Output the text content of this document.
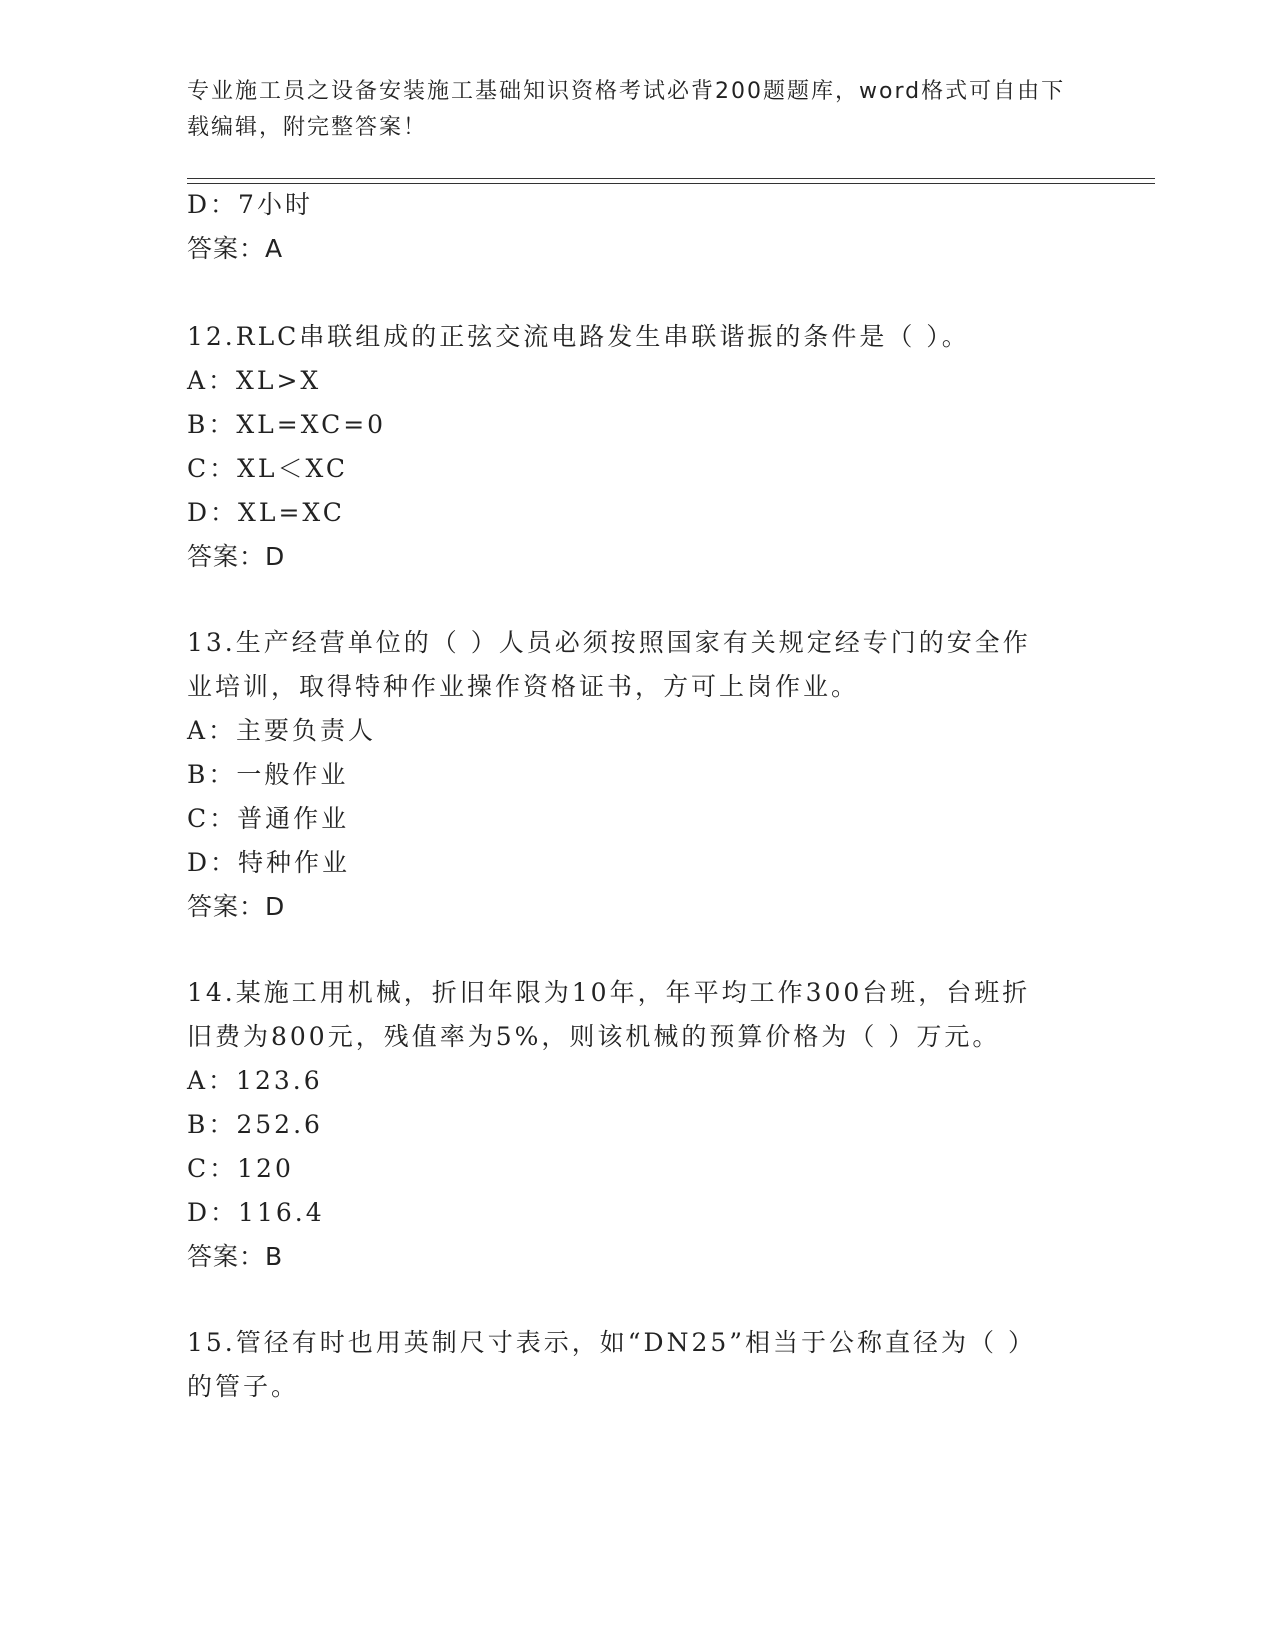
专业施工员之设备安装施工基础知识资格考试必背200题题库，word格式可自由下载编辑，附完整答案！
D：7小时
答案：A
12.RLC串联组成的正弦交流电路发生串联谐振的条件是（ ）。
A：XL>X
B：XL=XC=0
C：XL＜XC
D：XL=XC
答案：D
13.生产经营单位的（ ）人员必须按照国家有关规定经专门的安全作
业培训，取得特种作业操作资格证书，方可上岗作业。
A：主要负责人
B：一般作业
C：普通作业
D：特种作业
答案：D
14.某施工用机械，折旧年限为10年，年平均工作300台班，台班折
旧费为800元，残值率为5%，则该机械的预算价格为（ ）万元。
A：123.6
B：252.6
C：120
D：116.4
答案：B
15.管径有时也用英制尺寸表示，如“DN25”相当于公称直径为（ ）
的管子。
